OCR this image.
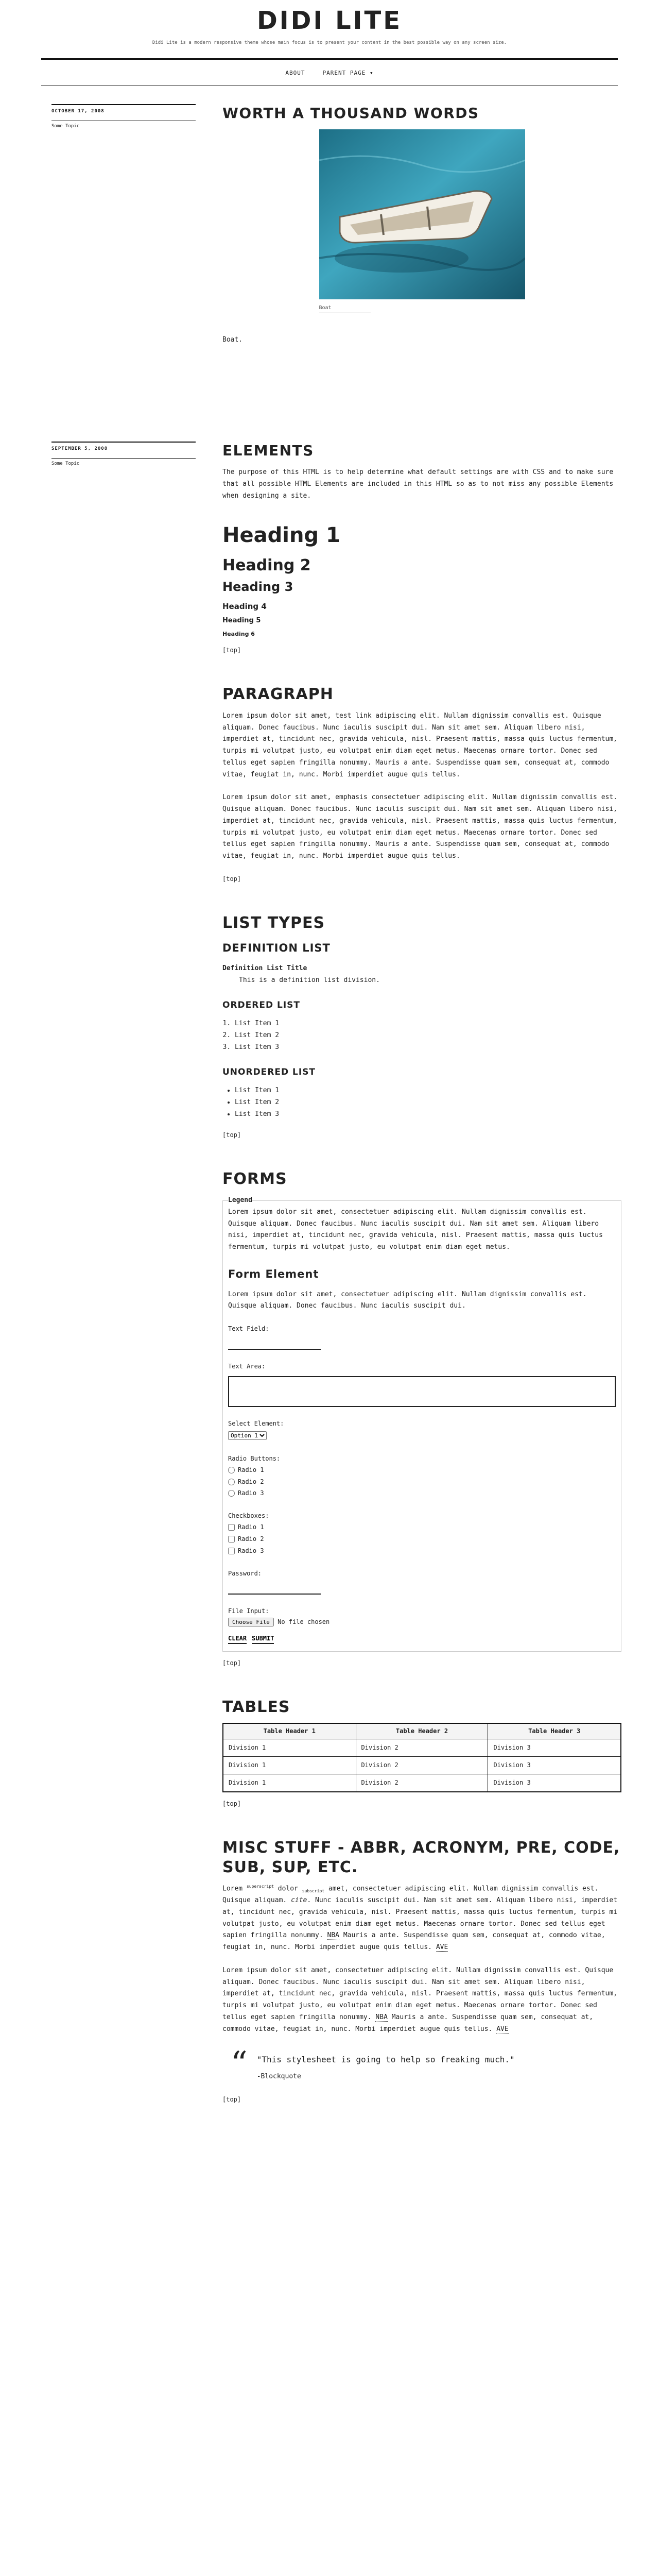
DIDI LITE
Didi Lite is a modern responsive theme whose main focus is to present your content in the best possible way on any screen size.
ABOUT	PARENT PAGE ▾
OCTOBER 17, 2008
Some Topic
WORTH A THOUSAND WORDS
Boat

Boat.

SEPTEMBER 5, 2008
Some Topic
ELEMENTS

The purpose of this HTML is to help determine what default settings are with CSS and to make sure that all possible HTML Elements are included in this HTML so as to not miss any possible Elements when designing a site.

Heading 1
Heading 2
Heading 3
Heading 4
Heading 5
Heading 6
[top]
PARAGRAPH

Lorem ipsum dolor sit amet, test link adipiscing elit. Nullam dignissim convallis est. Quisque aliquam. Donec faucibus. Nunc iaculis suscipit dui. Nam sit amet sem. Aliquam libero nisi, imperdiet at, tincidunt nec, gravida vehicula, nisl. Praesent mattis, massa quis luctus fermentum, turpis mi volutpat justo, eu volutpat enim diam eget metus. Maecenas ornare tortor. Donec sed tellus eget sapien fringilla nonummy. Mauris a ante. Suspendisse quam sem, consequat at, commodo vitae, feugiat in, nunc. Morbi imperdiet augue quis tellus.

Lorem ipsum dolor sit amet, emphasis consectetuer adipiscing elit. Nullam dignissim convallis est. Quisque aliquam. Donec faucibus. Nunc iaculis suscipit dui. Nam sit amet sem. Aliquam libero nisi, imperdiet at, tincidunt nec, gravida vehicula, nisl. Praesent mattis, massa quis luctus fermentum, turpis mi volutpat justo, eu volutpat enim diam eget metus. Maecenas ornare tortor. Donec sed tellus eget sapien fringilla nonummy. Mauris a ante. Suspendisse quam sem, consequat at, commodo vitae, feugiat in, nunc. Morbi imperdiet augue quis tellus.

[top]
LIST TYPES
DEFINITION LIST
Definition List Title
This is a definition list division.
ORDERED LIST
1. List Item 1
2. List Item 2
3. List Item 3
UNORDERED LIST
• List Item 1
• List Item 2
• List Item 3
[top]
FORMS
Legend

Lorem ipsum dolor sit amet, consectetuer adipiscing elit. Nullam dignissim convallis est. Quisque aliquam. Donec faucibus. Nunc iaculis suscipit dui. Nam sit amet sem. Aliquam libero nisi, imperdiet at, tincidunt nec, gravida vehicula, nisl. Praesent mattis, massa quis luctus fermentum, turpis mi volutpat justo, eu volutpat enim diam eget metus.

Form Element

Lorem ipsum dolor sit amet, consectetuer adipiscing elit. Nullam dignissim convallis est. Quisque aliquam. Donec faucibus. Nunc iaculis suscipit dui.

Text Field:
Text Area:
Select Element:
Option 1
Radio Buttons:
Radio 1
Radio 2
Radio 3
Checkboxes:
Radio 1
Radio 2
Radio 3
Password:
File Input:
Choose File No file chosen
CLEAR SUBMIT
[top]
TABLES
Table Header 1	Table Header 2	Table Header 3
Division 1	Division 2	Division 3
Division 1	Division 2	Division 3
Division 1	Division 2	Division 3
[top]
MISC STUFF - ABBR, ACRONYM, PRE, CODE, SUB, SUP, ETC.

Lorem $^{superscript}$ dolor $_{subscript}$ amet, consectetuer adipiscing elit. Nullam dignissim convallis est. Quisque aliquam. cite. Nunc iaculis suscipit dui. Nam sit amet sem. Aliquam libero nisi, imperdiet at, tincidunt nec, gravida vehicula, nisl. Praesent mattis, massa quis luctus fermentum, turpis mi volutpat justo, eu volutpat enim diam eget metus. Maecenas ornare tortor. Donec sed tellus eget sapien fringilla nonummy. NBA Mauris a ante. Suspendisse quam sem, consequat at, commodo vitae, feugiat in, nunc. Morbi imperdiet augue quis tellus. AVE

Lorem ipsum dolor sit amet, consectetuer adipiscing elit. Nullam dignissim convallis est. Quisque aliquam. Donec faucibus. Nunc iaculis suscipit dui. Nam sit amet sem. Aliquam libero nisi, imperdiet at, tincidunt nec, gravida vehicula, nisl. Praesent mattis, massa quis luctus fermentum, turpis mi volutpat justo, eu volutpat enim diam eget metus. Maecenas ornare tortor. Donec sed tellus eget sapien fringilla nonummy. NBA Mauris a ante. Suspendisse quam sem, consequat at, commodo vitae, feugiat in, nunc. Morbi imperdiet augue quis tellus. AVE

“ "This stylesheet is going to help so freaking much."
-Blockquote
[top]
